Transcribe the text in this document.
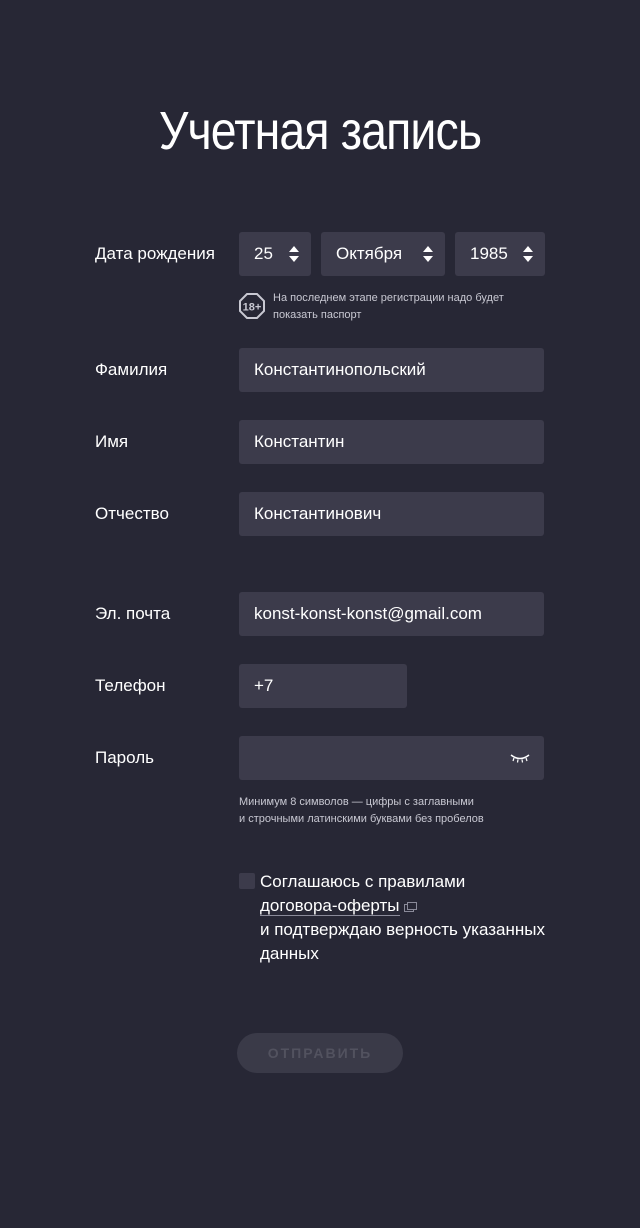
Учетная запись
Дата рождения 25	Октября	1985
18+
На последнем этапе регистрации надо будет
показать паспорт
Фамилия	Константинопольский
Имя	Константин
Отчество	Константинович
Эл. почта	konst-konst-konst@gmail.com
Телефон	+7
Пароль
Минимум 8 символов — цифры с заглавными
и строчными латинскими буквами без пробелов
Соглашаюсь с правилами
договора-оферты
и подтверждаю верность указанных данных
ОТПРАВИТЬ
